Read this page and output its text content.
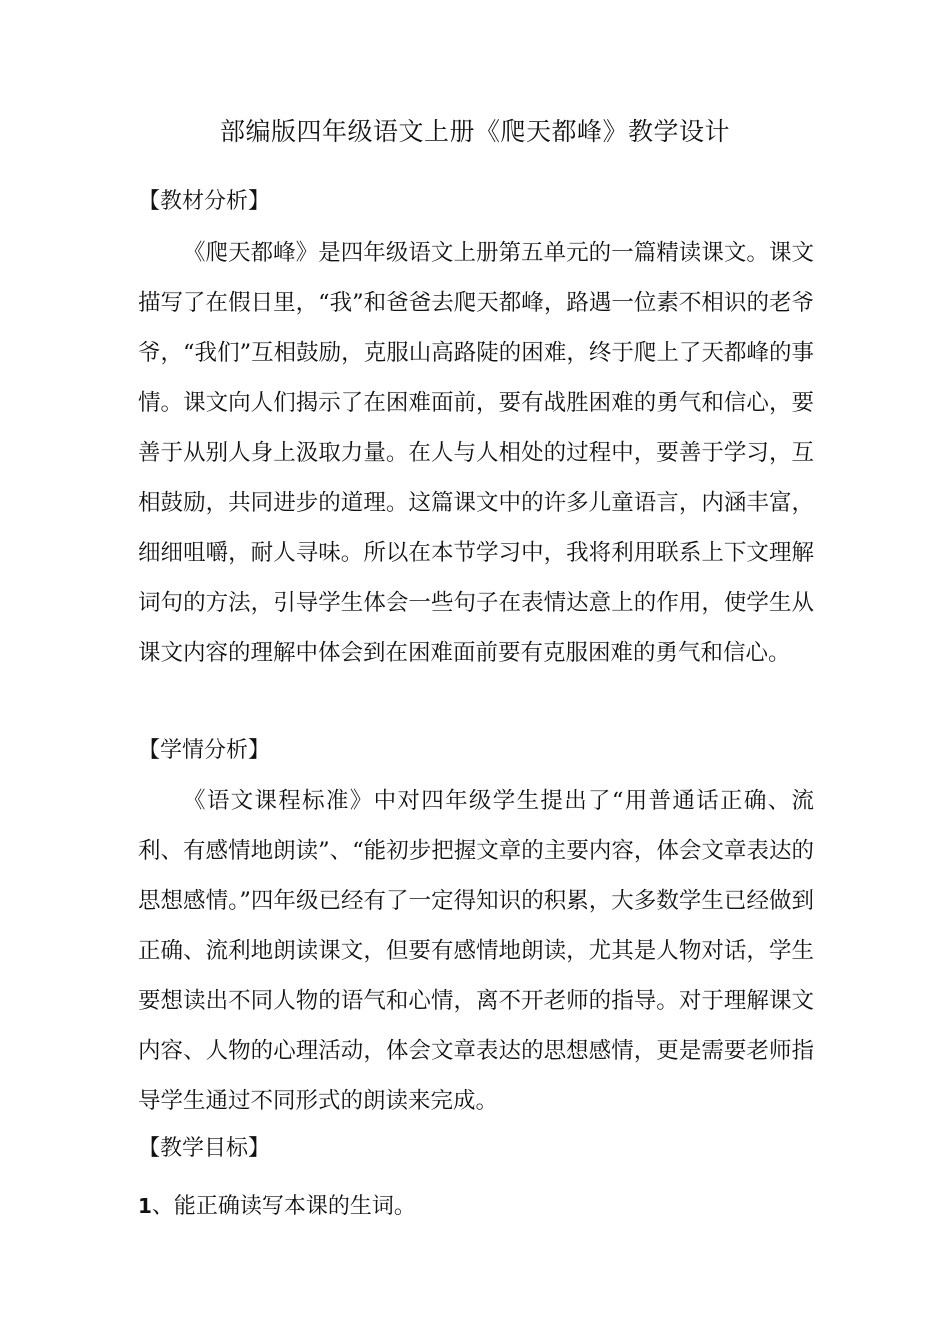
部编版四年级语文上册《爬天都峰》教学设计
【教材分析】

《爬天都峰》是四年级语文上册第五单元的一篇精读课文。课文描写了在假日里，“我”和爸爸去爬天都峰，路遇一位素不相识的老爷爷，“我们”互相鼓励，克服山高路陡的困难，终于爬上了天都峰的事情。课文向人们揭示了在困难面前，要有战胜困难的勇气和信心，要善于从别人身上汲取力量。在人与人相处的过程中，要善于学习，互相鼓励，共同进步的道理。这篇课文中的许多儿童语言，内涵丰富，细细咀嚼，耐人寻味。所以在本节学习中，我将利用联系上下文理解词句的方法，引导学生体会一些句子在表情达意上的作用，使学生从课文内容的理解中体会到在困难面前要有克服困难的勇气和信心。

【学情分析】

《语文课程标准》中对四年级学生提出了“用普通话正确、流利、有感情地朗读”、“能初步把握文章的主要内容，体会文章表达的思想感情。”四年级已经有了一定得知识的积累，大多数学生已经做到正确、流利地朗读课文，但要有感情地朗读，尤其是人物对话，学生要想读出不同人物的语气和心情，离不开老师的指导。对于理解课文内容、人物的心理活动，体会文章表达的思想感情，更是需要老师指导学生通过不同形式的朗读来完成。

【教学目标】
1、能正确读写本课的生词。
